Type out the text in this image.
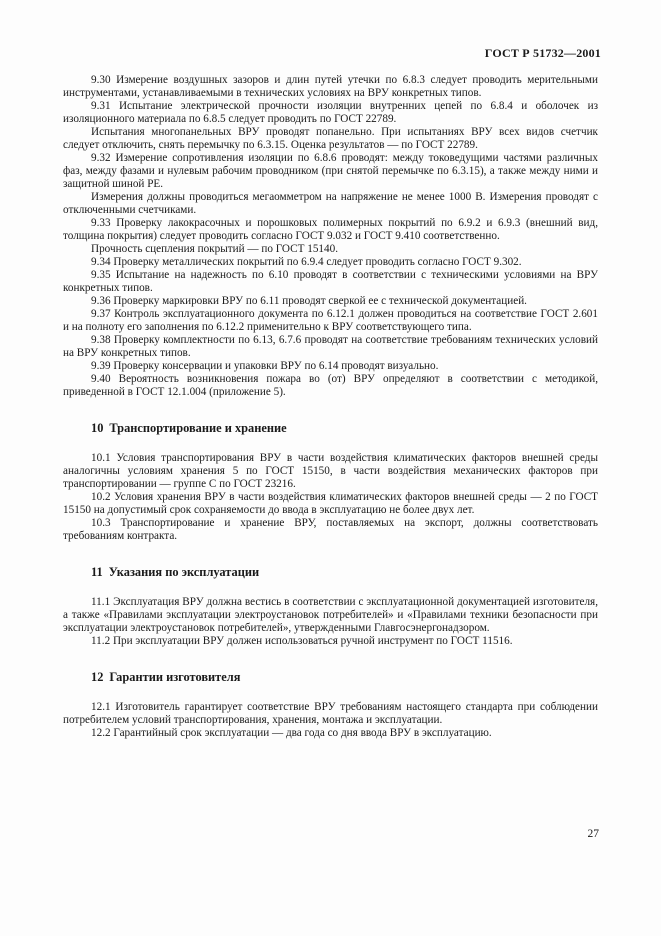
ГОСТ Р 51732—2001

9.30 Измерение воздушных зазоров и длин путей утечки по 6.8.3 следует проводить мерительными инструментами, устанавливаемыми в технических условиях на ВРУ конкретных типов.

9.31 Испытание электрической прочности изоляции внутренних цепей по 6.8.4 и оболочек из изоляционного материала по 6.8.5 следует проводить по ГОСТ 22789.

Испытания многопанельных ВРУ проводят попанельно. При испытаниях ВРУ всех видов счетчик следует отключить, снять перемычку по 6.3.15. Оценка результатов — по ГОСТ 22789.

9.32 Измерение сопротивления изоляции по 6.8.6 проводят: между токоведущими частями различных фаз, между фазами и нулевым рабочим проводником (при снятой перемычке по 6.3.15), а также между ними и защитной шиной PE.

Измерения должны проводиться мегаомметром на напряжение не менее 1000 В. Измерения проводят с отключенными счетчиками.

9.33 Проверку лакокрасочных и порошковых полимерных покрытий по 6.9.2 и 6.9.3 (внешний вид, толщина покрытия) следует проводить согласно ГОСТ 9.032 и ГОСТ 9.410 соответственно.

Прочность сцепления покрытий — по ГОСТ 15140.

9.34 Проверку металлических покрытий по 6.9.4 следует проводить согласно ГОСТ 9.302.

9.35 Испытание на надежность по 6.10 проводят в соответствии с техническими условиями на ВРУ конкретных типов.

9.36 Проверку маркировки ВРУ по 6.11 проводят сверкой ее с технической документацией.

9.37 Контроль эксплуатационного документа по 6.12.1 должен проводиться на соответствие ГОСТ 2.601 и на полноту его заполнения по 6.12.2 применительно к ВРУ соответствующего типа.

9.38 Проверку комплектности по 6.13, 6.7.6 проводят на соответствие требованиям технических условий на ВРУ конкретных типов.

9.39 Проверку консервации и упаковки ВРУ по 6.14 проводят визуально.

9.40 Вероятность возникновения пожара во (от) ВРУ определяют в соответствии с методикой, приведенной в ГОСТ 12.1.004 (приложение 5).

10 Транспортирование и хранение

10.1 Условия транспортирования ВРУ в части воздействия климатических факторов внешней среды аналогичны условиям хранения 5 по ГОСТ 15150, в части воздействия механических факторов при транспортировании — группе С по ГОСТ 23216.

10.2 Условия хранения ВРУ в части воздействия климатических факторов внешней среды — 2 по ГОСТ 15150 на допустимый срок сохраняемости до ввода в эксплуатацию не более двух лет.

10.3 Транспортирование и хранение ВРУ, поставляемых на экспорт, должны соответствовать требованиям контракта.

11 Указания по эксплуатации

11.1 Эксплуатация ВРУ должна вестись в соответствии с эксплуатационной документацией изготовителя, а также «Правилами эксплуатации электроустановок потребителей» и «Правилами техники безопасности при эксплуатации электроустановок потребителей», утвержденными Главгосэнергонадзором.

11.2 При эксплуатации ВРУ должен использоваться ручной инструмент по ГОСТ 11516.

12 Гарантии изготовителя

12.1 Изготовитель гарантирует соответствие ВРУ требованиям настоящего стандарта при соблюдении потребителем условий транспортирования, хранения, монтажа и эксплуатации.

12.2 Гарантийный срок эксплуатации — два года со дня ввода ВРУ в эксплуатацию.

27
